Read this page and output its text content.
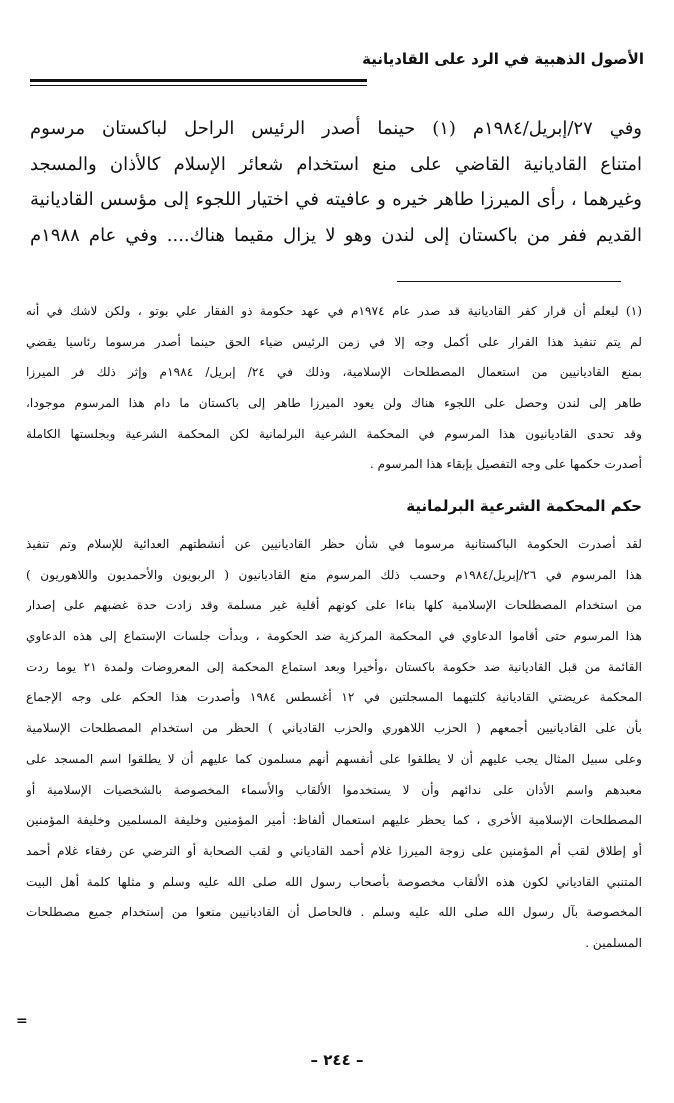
الأصول الذهبية في الرد على القاديانية
وفي ٢٧/إبريل/١٩٨٤م (١) حينما أصدر الرئيس الراحل لباكستان مرسوم
امتناع القاديانية القاضي على منع استخدام شعائر الإسلام كالأذان والمسجد
وغيرهما ، رأى الميرزا طاهر خيره و عافيته في اختيار اللجوء إلى مؤسس القاديانية
القديم ففر من باكستان إلى لندن وهو لا يزال مقيما هناك.... وفي عام ١٩٨٨م
(١) ليعلم أن قرار كفر القاديانية قد صدر عام ١٩٧٤م في عهد حكومة ذو الفقار علي بوتو ، ولكن لاشك في أنه
لم يتم تنفيذ هذا القرار على أكمل وجه إلا في زمن الرئيس ضياء الحق حينما أصدر مرسوما رئاسيا يقضي
بمنع القاديانيين من استعمال المصطلحات الإسلامية، وذلك في ٢٤/ إبريل/ ١٩٨٤م وإثر ذلك فر الميرزا
طاهر إلى لندن وحصل على اللجوء هناك ولن يعود الميرزا طاهر إلى باكستان ما دام هذا المرسوم موجودا،
وقد تحدى القاديانيون هذا المرسوم في المحكمة الشرعية البرلمانية لكن المحكمة الشرعية وبجلستها الكاملة
أصدرت حكمها على وجه التفصيل بإبقاء هذا المرسوم .
حكم المحكمة الشرعية البرلمانية
لقد أصدرت الحكومة الباكستانية مرسوما في شأن حظر القاديانيين عن أنشطتهم العدائية للإسلام وتم تنفيذ
هذا المرسوم في ٢٦/إبريل/١٩٨٤م وحسب ذلك المرسوم منع القاديانيون ( الربويون والأحمديون واللاهوريون )
من استخدام المصطلحات الإسلامية كلها بناءا على كونهم أقلية غير مسلمة وقد زادت حدة غضبهم على إصدار
هذا المرسوم حتى أقاموا الدعاوي في المحكمة المركزية ضد الحكومة ، وبدأت جلسات الإستماع إلى هذه الدعاوي
القائمة من قبل القاديانية ضد حكومة باكستان ،وأخيرا وبعد استماع المحكمة إلى المعروضات ولمدة ٢١ يوما ردت
المحكمة عريضتي القاديانية كلتيهما المسجلتين في ١٢ أغسطس ١٩٨٤ وأصدرت هذا الحكم على وجه الإجماع
بأن على القاديانيين أجمعهم ( الحزب اللاهوري والحزب القادياني ) الحظر من استخدام المصطلحات الإسلامية
وعلى سبيل المثال يجب عليهم أن لا يطلقوا على أنفسهم أنهم مسلمون كما عليهم أن لا يطلقوا اسم المسجد على
معبدهم واسم الأذان على ندائهم وأن لا يستخدموا الألقاب والأسماء المخصوصة بالشخصيات الإسلامية أو
المصطلحات الإسلامية الأخرى ، كما يحظر عليهم استعمال ألفاظ: أمير المؤمنين وخليفة المسلمين وخليفة المؤمنين
أو إطلاق لقب أم المؤمنين على زوجة الميرزا غلام أحمد القادياني و لقب الصحابة أو الترضي عن رفقاء غلام أحمد
المتنبي القادياني لكون هذه الألقاب مخصوصة بأصحاب رسول الله صلى الله عليه وسلم و مثلها كلمة أهل البيت
المخصوصة بآل رسول الله صلى الله عليه وسلم . فالحاصل أن القاديانيين منعوا من إستخدام جميع مصطلحات
المسلمين .
=
– ٢٤٤ –
